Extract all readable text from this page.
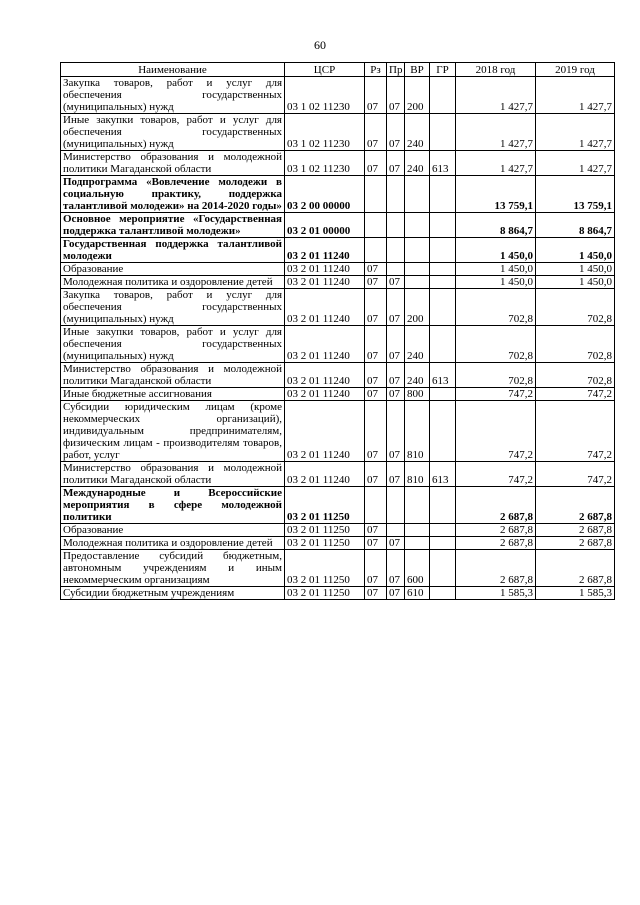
60
Наименование	ЦСР	Рз	Пр	ВР	ГР	2018 год	2019 год
Закупка товаров, работ и услуг для обеспечения государственных (муниципальных) нужд	03 1 02 11230	07	07	200		1 427,7	1 427,7
Иные закупки товаров, работ и услуг для обеспечения государственных (муниципальных) нужд	03 1 02 11230	07	07	240		1 427,7	1 427,7
Министерство образования и молодежной политики Магаданской области	03 1 02 11230	07	07	240	613	1 427,7	1 427,7
Подпрограмма «Вовлечение молодежи в социальную практику, поддержка талантливой молодежи» на 2014-2020 годы»	03 2 00 00000					13 759,1	13 759,1
Основное мероприятие «Государственная поддержка талантливой молодежи»	03 2 01 00000					8 864,7	8 864,7
Государственная поддержка талантливой молодежи	03 2 01 11240					1 450,0	1 450,0
Образование	03 2 01 11240	07				1 450,0	1 450,0
Молодежная политика и оздоровление детей	03 2 01 11240	07	07			1 450,0	1 450,0
Закупка товаров, работ и услуг для обеспечения государственных (муниципальных) нужд	03 2 01 11240	07	07	200		702,8	702,8
Иные закупки товаров, работ и услуг для обеспечения государственных (муниципальных) нужд	03 2 01 11240	07	07	240		702,8	702,8
Министерство образования и молодежной политики Магаданской области	03 2 01 11240	07	07	240	613	702,8	702,8
Иные бюджетные ассигнования	03 2 01 11240	07	07	800		747,2	747,2
Субсидии юридическим лицам (кроме некоммерческих организаций), индивидуальным предпринимателям, физическим лицам - производителям товаров, работ, услуг	03 2 01 11240	07	07	810		747,2	747,2
Министерство образования и молодежной политики Магаданской области	03 2 01 11240	07	07	810	613	747,2	747,2
Международные и Всероссийские мероприятия в сфере молодежной политики	03 2 01 11250					2 687,8	2 687,8
Образование	03 2 01 11250	07				2 687,8	2 687,8
Молодежная политика и оздоровление детей	03 2 01 11250	07	07			2 687,8	2 687,8
Предоставление субсидий бюджетным, автономным учреждениям и иным некоммерческим организациям	03 2 01 11250	07	07	600		2 687,8	2 687,8
Субсидии бюджетным учреждениям	03 2 01 11250	07	07	610		1 585,3	1 585,3
